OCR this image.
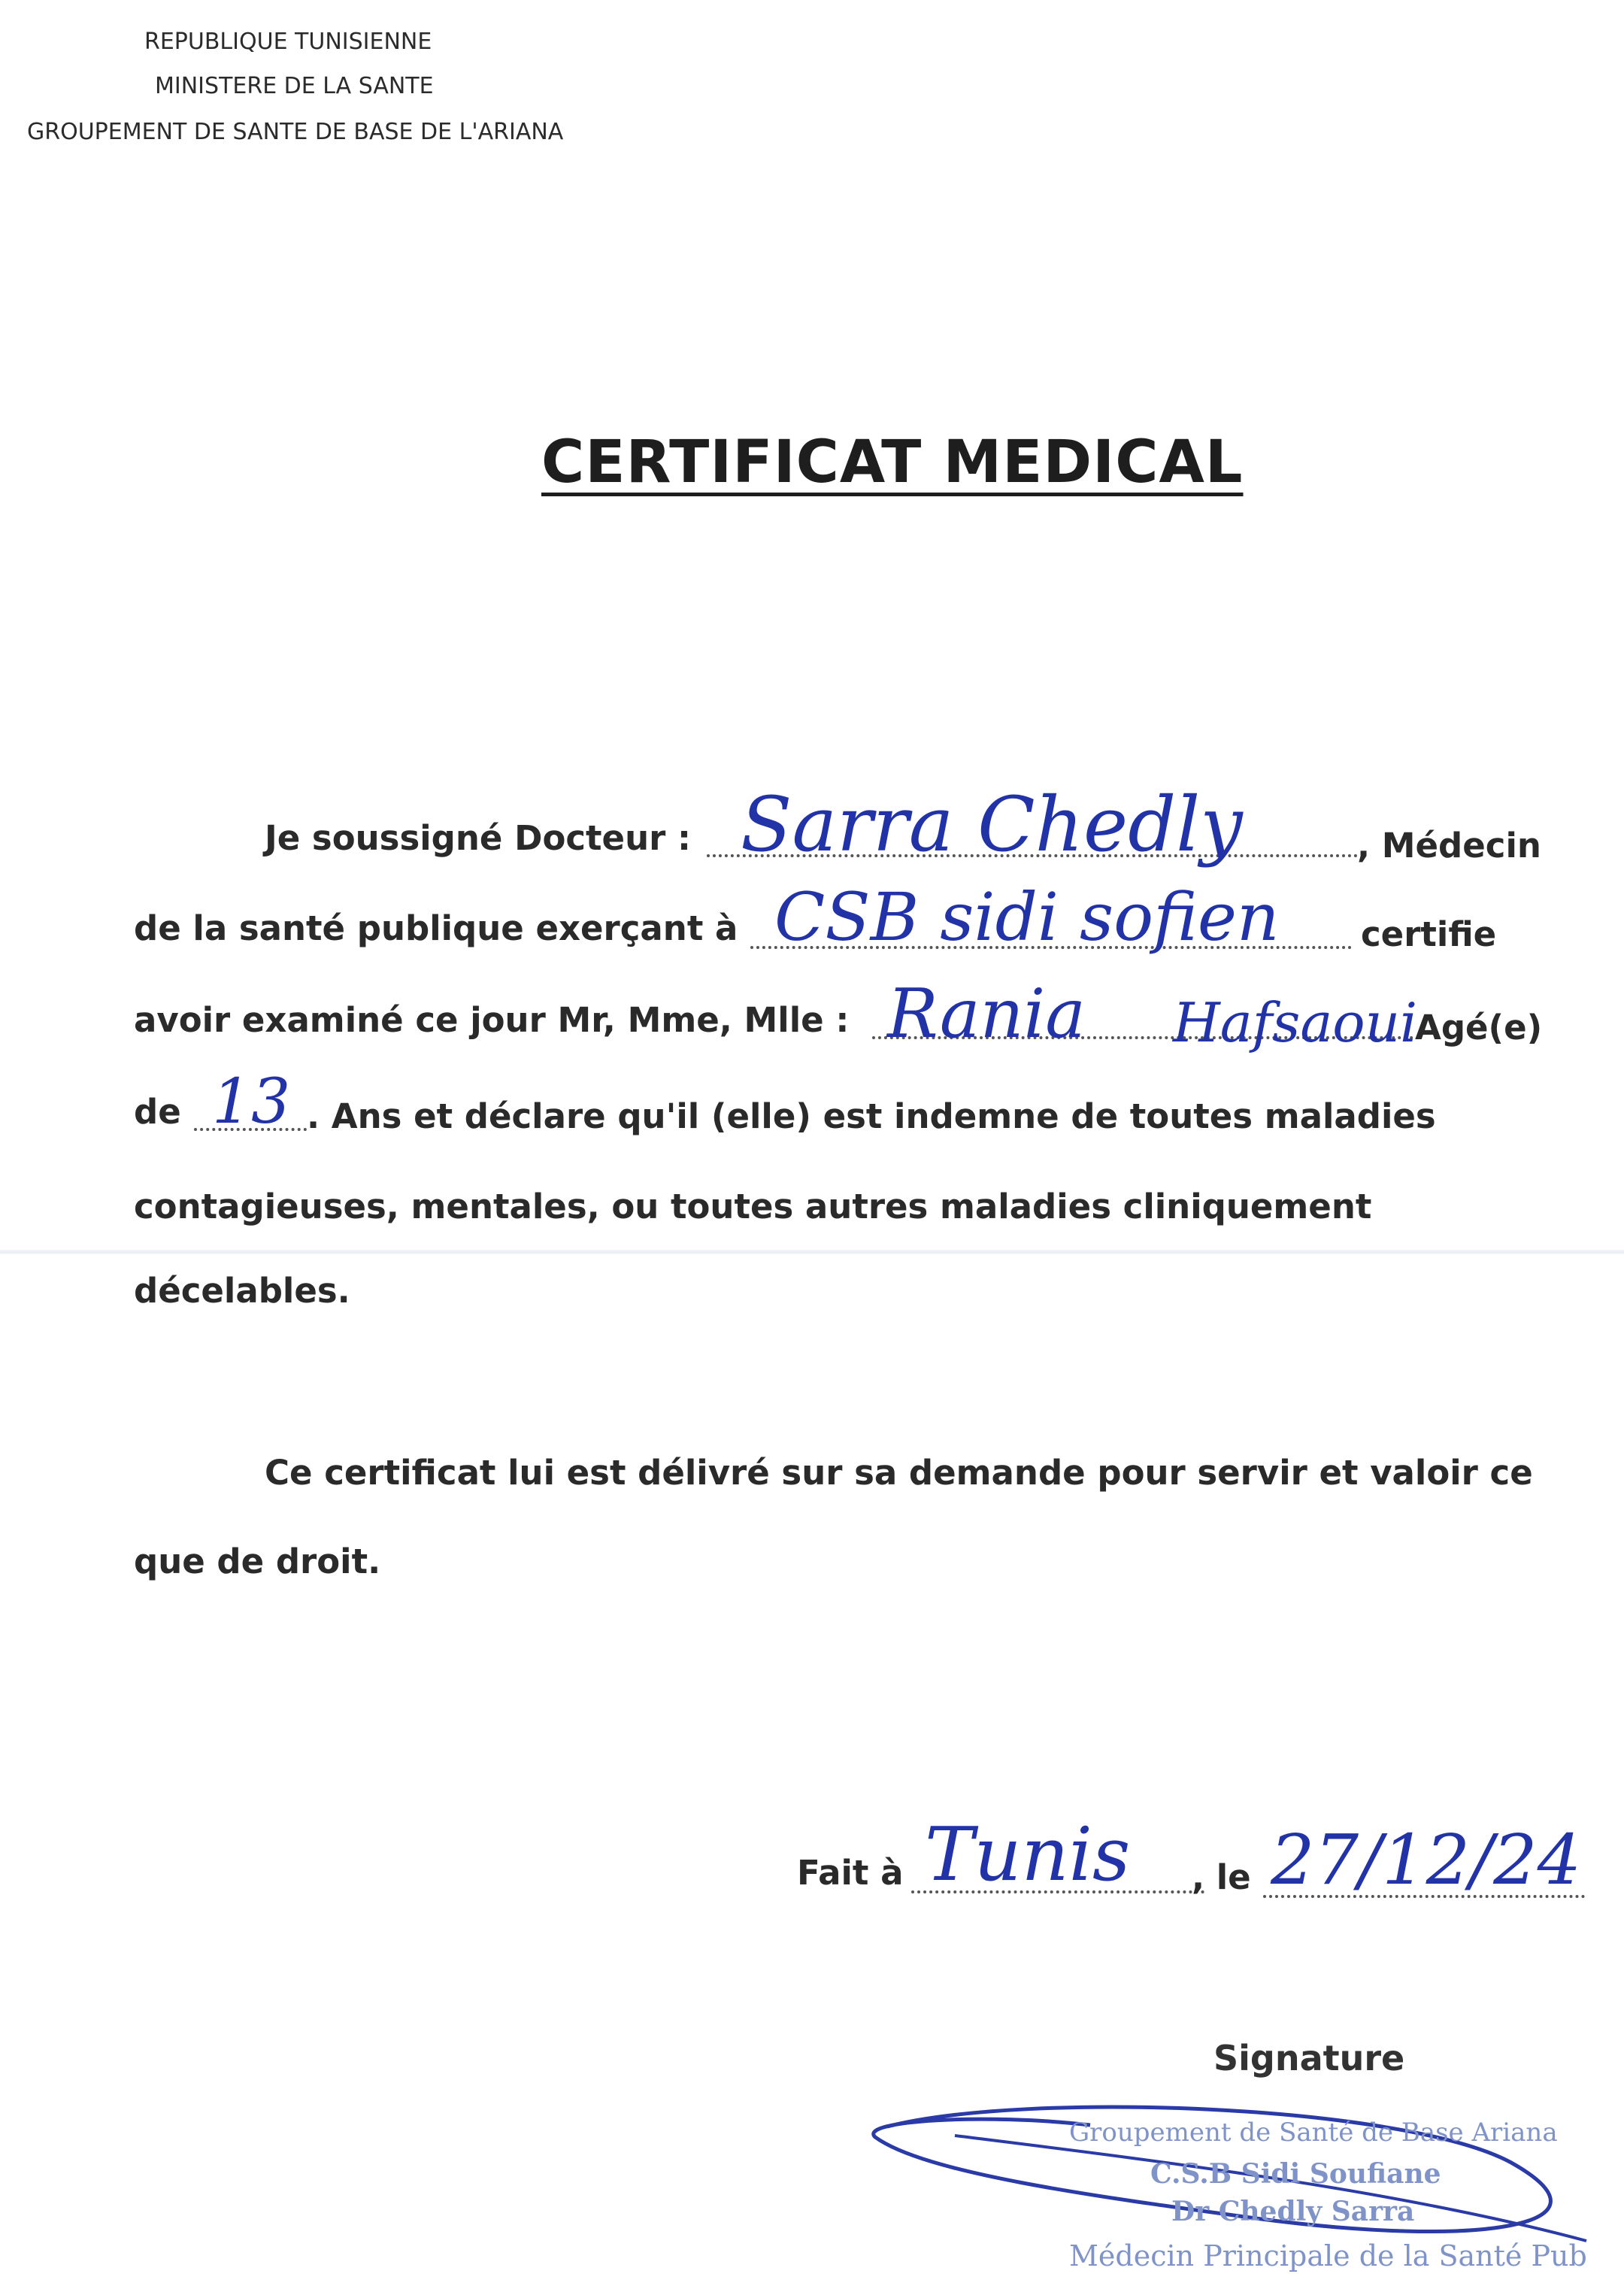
REPUBLIQUE TUNISIENNE
MINISTERE DE LA SANTE
GROUPEMENT DE SANTE DE BASE DE L'ARIANA
CERTIFICAT MEDICAL
Je soussigné Docteur : Sarra Chedly	, Médecin
de la santé publique exerçant à CSB sidi sofien certifie
avoir examiné ce jour Mr, Mme, Mlle : Rania Hafsaoui
Agé(e)
de 13 . Ans et déclare qu'il (elle) est indemne de toutes maladies
contagieuses, mentales, ou toutes autres maladies cliniquement
décelables.
Ce certificat lui est délivré sur sa demande pour servir et valoir ce
que de droit.
Fait à Tunis , le 27/12/24
Signature
Groupement de Santé de Base Ariana
C.S.B Sidi Soufiane
Dr Chedly Sarra
Médecin Principale de la Santé Pub
